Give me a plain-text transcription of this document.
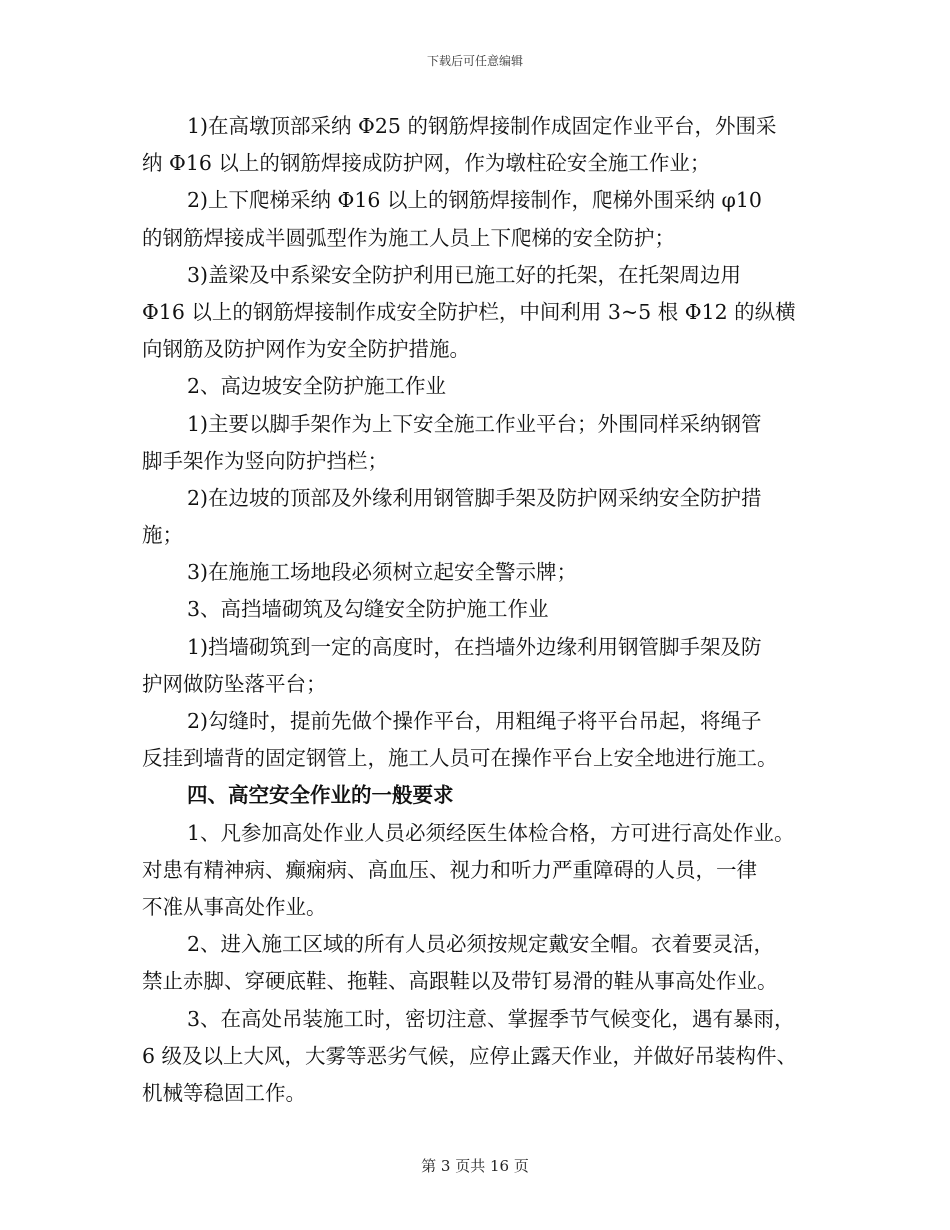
下载后可任意编辑
1)在高墩顶部采纳 Φ25 的钢筋焊接制作成固定作业平台，外围采
纳 Φ16 以上的钢筋焊接成防护网，作为墩柱砼安全施工作业；
2)上下爬梯采纳 Φ16 以上的钢筋焊接制作，爬梯外围采纳 φ10
的钢筋焊接成半圆弧型作为施工人员上下爬梯的安全防护；
3)盖梁及中系梁安全防护利用已施工好的托架，在托架周边用
Φ16 以上的钢筋焊接制作成安全防护栏，中间利用 3~5 根 Φ12 的纵横
向钢筋及防护网作为安全防护措施。
2、高边坡安全防护施工作业
1)主要以脚手架作为上下安全施工作业平台；外围同样采纳钢管
脚手架作为竖向防护挡栏；
2)在边坡的顶部及外缘利用钢管脚手架及防护网采纳安全防护措
施；
3)在施施工场地段必须树立起安全警示牌；
3、高挡墙砌筑及勾缝安全防护施工作业
1)挡墙砌筑到一定的高度时，在挡墙外边缘利用钢管脚手架及防
护网做防坠落平台；
2)勾缝时，提前先做个操作平台，用粗绳子将平台吊起，将绳子
反挂到墙背的固定钢管上，施工人员可在操作平台上安全地进行施工。
四、高空安全作业的一般要求
1、凡参加高处作业人员必须经医生体检合格，方可进行高处作业。
对患有精神病、癫痫病、高血压、视力和听力严重障碍的人员，一律
不准从事高处作业。
2、进入施工区域的所有人员必须按规定戴安全帽。衣着要灵活，
禁止赤脚、穿硬底鞋、拖鞋、高跟鞋以及带钉易滑的鞋从事高处作业。
3、在高处吊装施工时，密切注意、掌握季节气候变化，遇有暴雨，
6 级及以上大风，大雾等恶劣气候，应停止露天作业，并做好吊装构件、
机械等稳固工作。
第 3 页共 16 页
